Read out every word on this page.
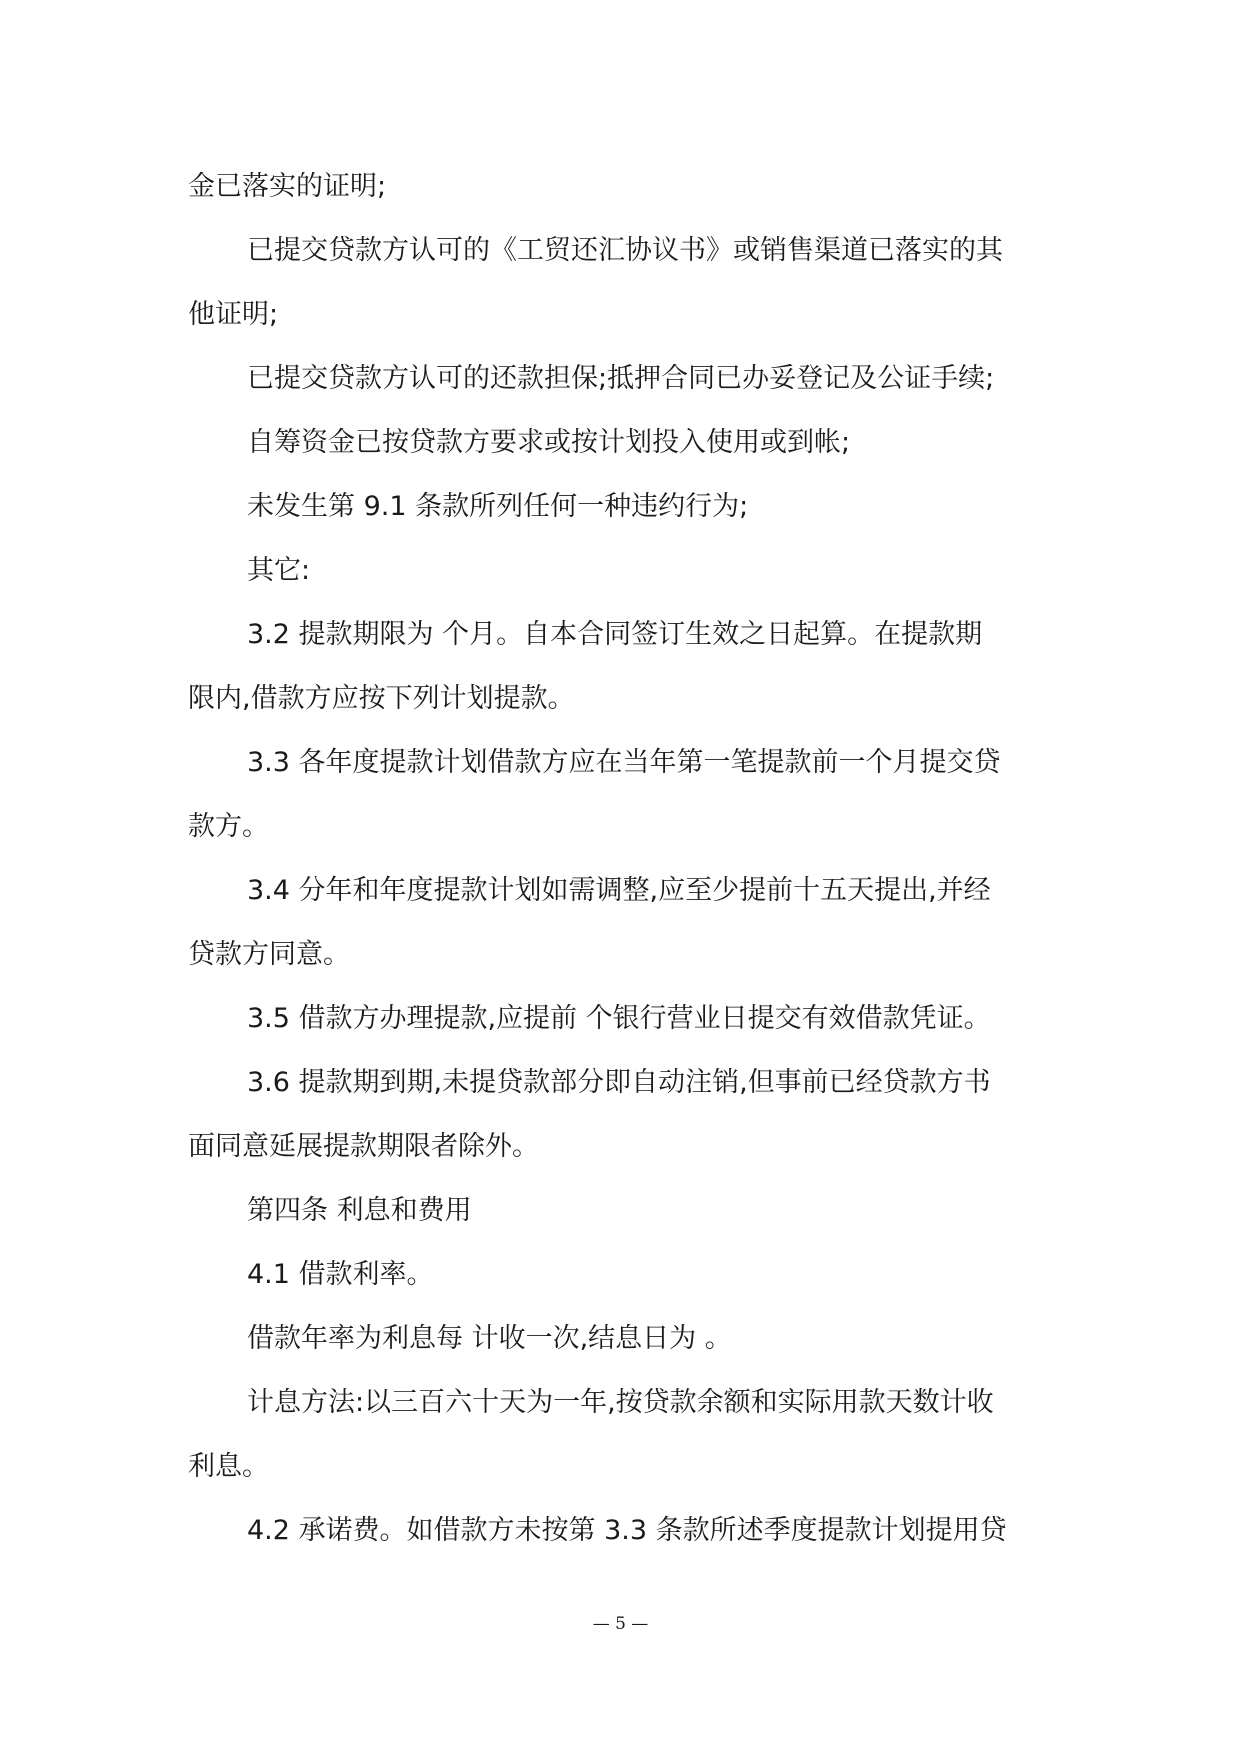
金已落实的证明;
已提交贷款方认可的《工贸还汇协议书》或销售渠道已落实的其
他证明;
已提交贷款方认可的还款担保;抵押合同已办妥登记及公证手续;
自筹资金已按贷款方要求或按计划投入使用或到帐;
未发生第 9.1 条款所列任何一种违约行为;
其它:
3.2 提款期限为 个月。自本合同签订生效之日起算。在提款期
限内,借款方应按下列计划提款。
3.3 各年度提款计划借款方应在当年第一笔提款前一个月提交贷
款方。
3.4 分年和年度提款计划如需调整,应至少提前十五天提出,并经
贷款方同意。
3.5 借款方办理提款,应提前 个银行营业日提交有效借款凭证。
3.6 提款期到期,未提贷款部分即自动注销,但事前已经贷款方书
面同意延展提款期限者除外。
第四条 利息和费用
4.1 借款利率。
借款年率为利息每 计收一次,结息日为 。
计息方法:以三百六十天为一年,按贷款余额和实际用款天数计收
利息。
4.2 承诺费。如借款方未按第 3.3 条款所述季度提款计划提用贷
— 5 —
